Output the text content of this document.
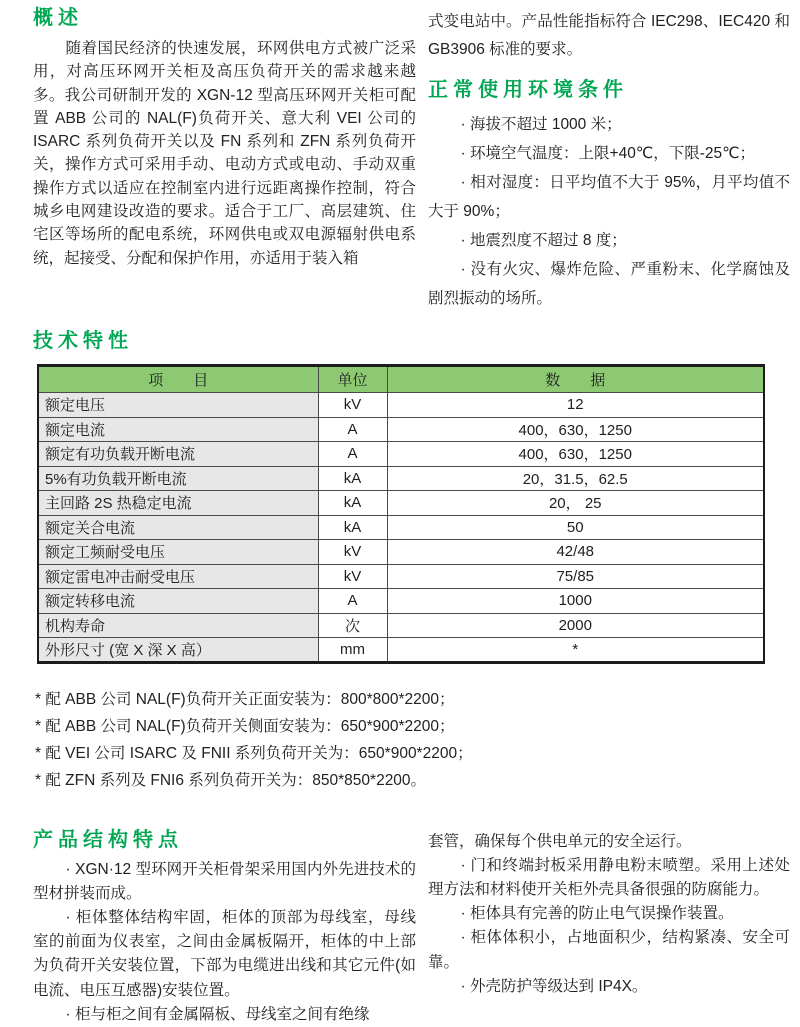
概述

随着国民经济的快速发展，环网供电方式被广泛采用，对高压环网开关柜及高压负荷开关的需求越来越多。我公司研制开发的 XGN-12 型高压环网开关柜可配置 ABB 公司的 NAL(F)负荷开关、意大利 VEI 公司的 ISARC 系列负荷开关以及 FN 系列和 ZFN 系列负荷开关，操作方式可采用手动、电动方式或电动、手动双重操作方式以适应在控制室内进行远距离操作控制，符合城乡电网建设改造的要求。适合于工厂、高层建筑、住宅区等场所的配电系统，环网供电或双电源辐射供电系统，起接受、分配和保护作用，亦适用于装入箱

式变电站中。产品性能指标符合 IEC298、IEC420 和 GB3906 标准的要求。

正常使用环境条件

· 海拔不超过 1000 米；

· 环境空气温度：上限+40℃，下限-25℃；

· 相对湿度：日平均值不大于 95%，月平均值不大于 90%；

· 地震烈度不超过 8 度；

· 没有火灾、爆炸危险、严重粉末、化学腐蚀及剧烈振动的场所。

技术特性
项　　目	单位	数　　据
额定电压	kV	12
额定电流	A	400，630，1250
额定有功负载开断电流	A	400，630，1250
5%有功负载开断电流	kA	20，31.5，62.5
主回路 2S 热稳定电流	kA	20， 25
额定关合电流	kA	50
额定工频耐受电压	kV	42/48
额定雷电冲击耐受电压	kV	75/85
额定转移电流	A	1000
机构寿命	次	2000
外形尺寸 (宽 X 深 X 高）	mm	*

* 配 ABB 公司 NAL(F)负荷开关正面安装为：800*800*2200；

* 配 ABB 公司 NAL(F)负荷开关侧面安装为：650*900*2200；

* 配 VEI 公司 ISARC 及 FNII 系列负荷开关为：650*900*2200；

* 配 ZFN 系列及 FNI6 系列负荷开关为：850*850*2200。

产品结构特点

· XGN·12 型环网开关柜骨架采用国内外先进技术的型材拼装而成。

· 柜体整体结构牢固，柜体的顶部为母线室，母线室的前面为仪表室，之间由金属板隔开，柜体的中上部为负荷开关安装位置，下部为电缆进出线和其它元件(如电流、电压互感器)安装位置。

· 柜与柜之间有金属隔板、母线室之间有绝缘

套管，确保每个供电单元的安全运行。

· 门和终端封板采用静电粉末喷塑。采用上述处理方法和材料使开关柜外壳具备很强的防腐能力。

· 柜体具有完善的防止电气误操作装置。

· 柜体体积小，占地面积少，结构紧凑、安全可靠。

· 外壳防护等级达到 IP4X。
